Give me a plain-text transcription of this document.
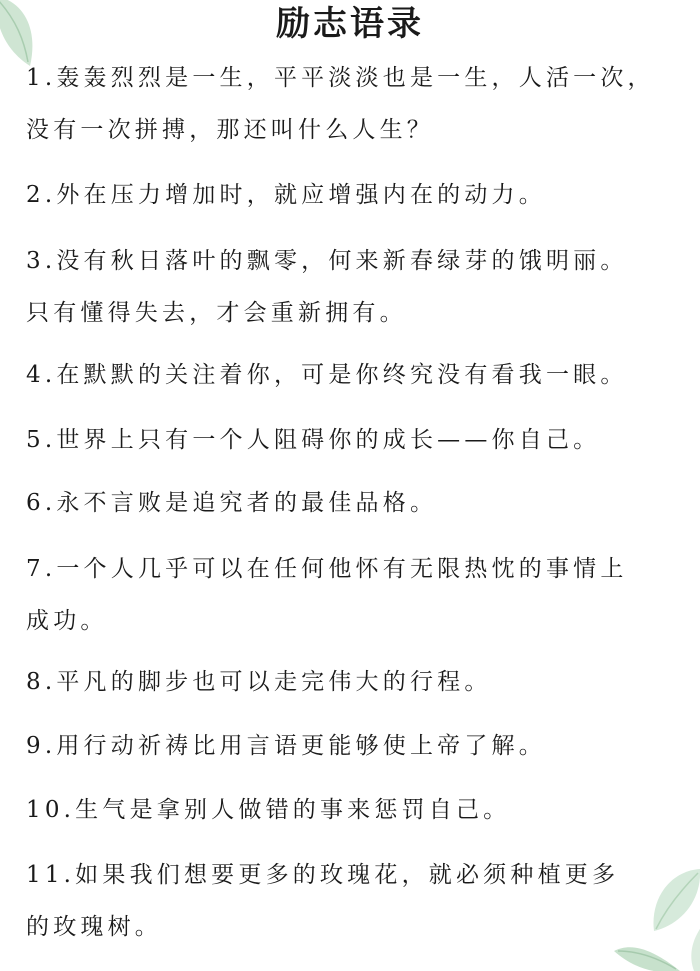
励志语录
1.轰轰烈烈是一生，平平淡淡也是一生，人活一次，
没有一次拼搏，那还叫什么人生？
2.外在压力增加时，就应增强内在的动力。
3.没有秋日落叶的飘零，何来新春绿芽的饿明丽。
只有懂得失去，才会重新拥有。
4.在默默的关注着你，可是你终究没有看我一眼。
5.世界上只有一个人阻碍你的成长——你自己。
6.永不言败是追究者的最佳品格。
7.一个人几乎可以在任何他怀有无限热忱的事情上
成功。
8.平凡的脚步也可以走完伟大的行程。
9.用行动祈祷比用言语更能够使上帝了解。
10.生气是拿别人做错的事来惩罚自己。
11.如果我们想要更多的玫瑰花，就必须种植更多
的玫瑰树。
